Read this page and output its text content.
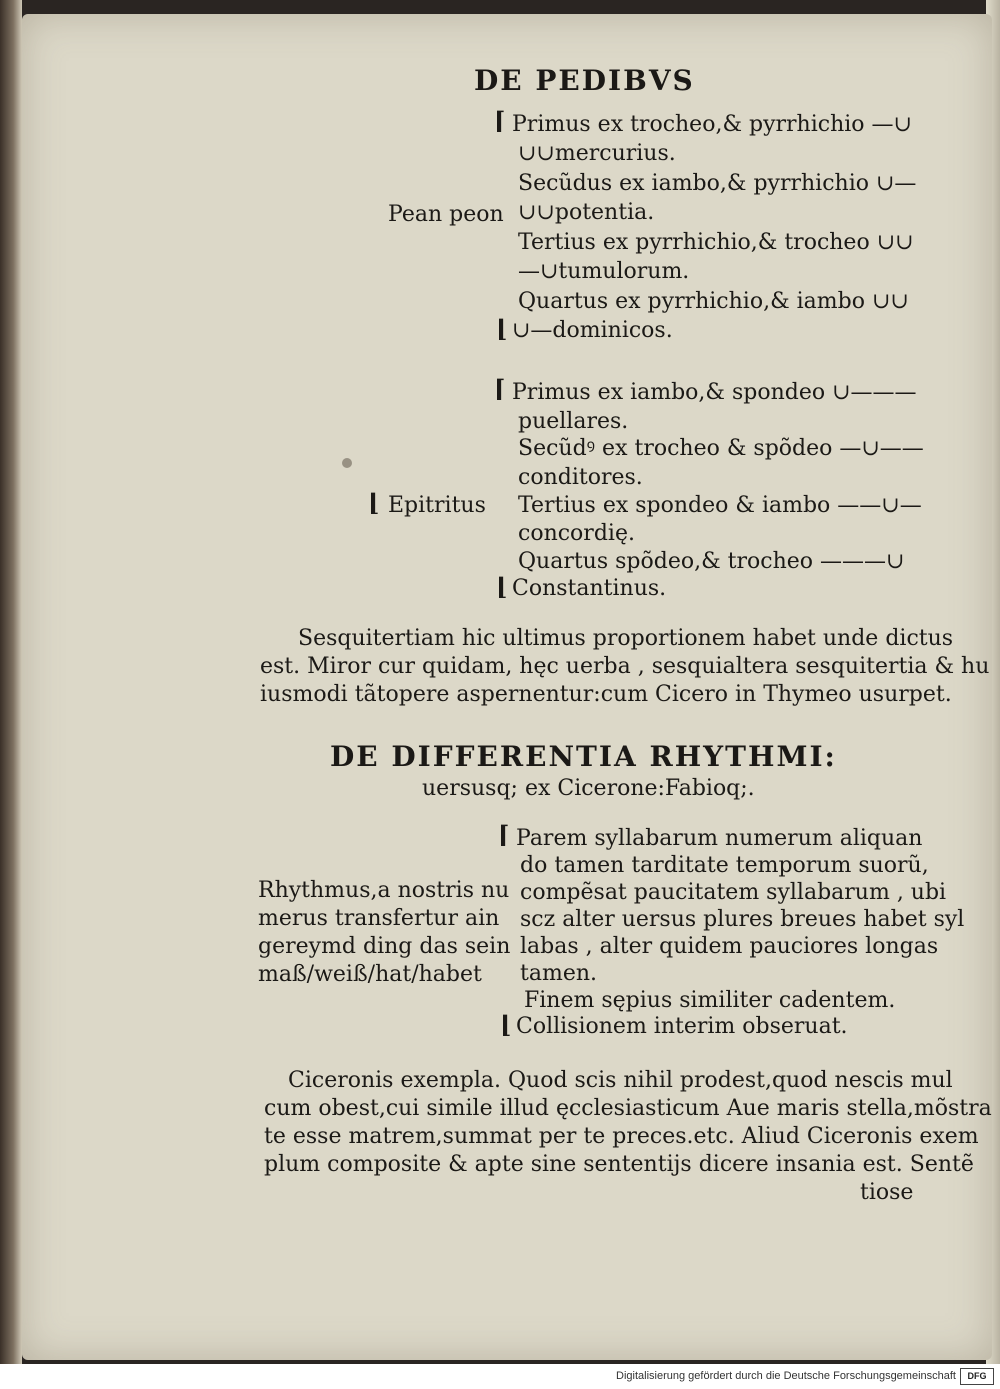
DE PEDIBVS
⌈
Pean peon
Primus ex trocheo,& pyrrhichio —∪
∪∪mercurius.
Secũdus ex iambo,& pyrrhichio ∪—
∪∪potentia.
Tertius ex pyrrhichio,& trocheo ∪∪
—∪tumulorum.
Quartus ex pyrrhichio,& iambo ∪∪
∪—dominicos.
⌊
⌈
⌊ Epitritus
Primus ex iambo,& spondeo ∪———
puellares.
Secũdꝰ ex trocheo & spõdeo —∪——
conditores.
Tertius ex spondeo & iambo ——∪—
concordię.
Quartus spõdeo,& trocheo ———∪
Constantinus.
⌊
Sesquitertiam hic ultimus proportionem habet unde dictus
est. Miror cur quidam, hęc uerba , sesquialtera sesquitertia & hu
iusmodi tãtopere aspernentur:cum Cicero in Thymeo usurpet.
DE DIFFERENTIA RHYTHMI:
uersusq; ex Cicerone:Fabioq;.
Rhythmus,a nostris nu
merus transfertur ain
gereymd ding das sein
maß/weiß/hat/habet
⌈ Parem syllabarum numerum aliquan
do tamen tarditate temporum suorũ,
compẽsat paucitatem syllabarum , ubi
scz alter uersus plures breues habet syl
labas , alter quidem pauciores longas
tamen.
Finem sępius similiter cadentem.
Collisionem interim obseruat.
⌊
Ciceronis exempla. Quod scis nihil prodest,quod nescis mul
cum obest,cui simile illud ęcclesiasticum Aue maris stella,mõstra
te esse matrem,summat per te preces.etc. Aliud Ciceronis exem
plum composite & apte sine sententijs dicere insania est. Sentẽ
tiose
Digitalisierung gefördert durch die Deutsche Forschungsgemeinschaft	DFG
